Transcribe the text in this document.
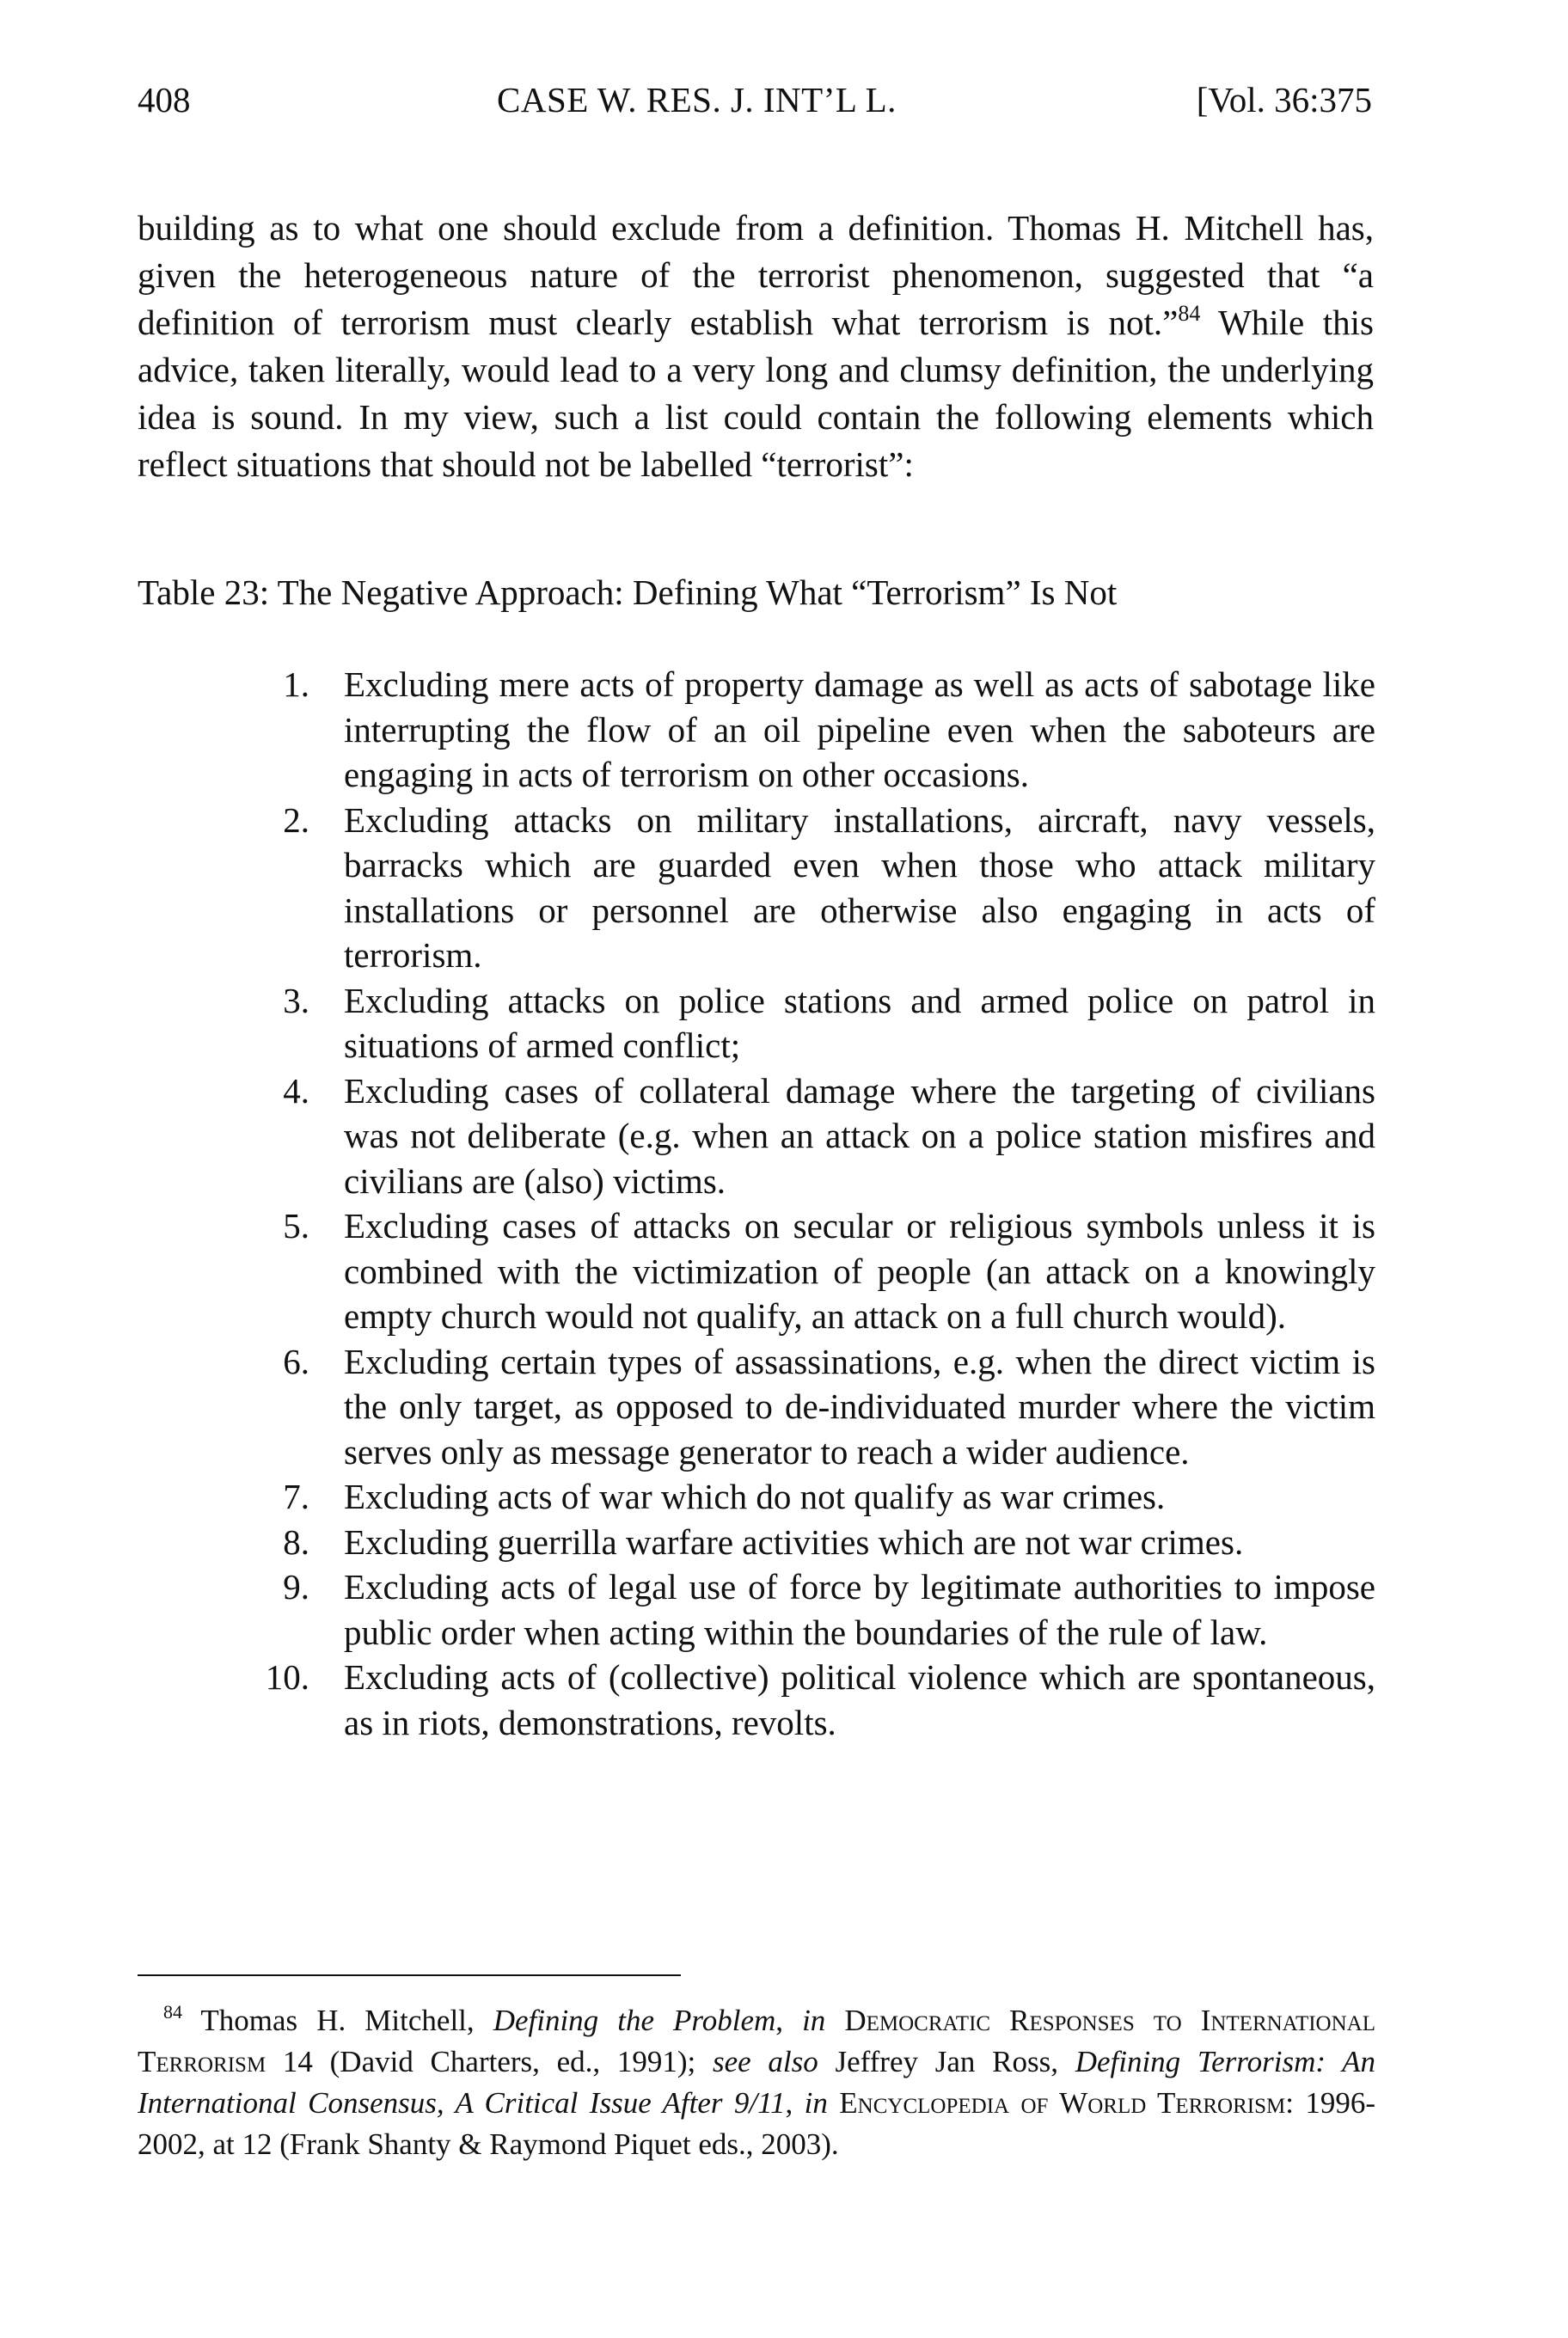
408	CASE W. RES. J. INT’L L.	[Vol. 36:375

building as to what one should exclude from a definition. Thomas H. Mitchell has, given the heterogeneous nature of the terrorist phenomenon, suggested that “a definition of terrorism must clearly establish what terrorism is not.”$^{84}$ While this advice, taken literally, would lead to a very long and clumsy definition, the underlying idea is sound. In my view, such a list could contain the following elements which reflect situations that should not be labelled “terrorist”:

Table 23: The Negative Approach: Defining What “Terrorism” Is Not

1. Excluding mere acts of property damage as well as acts of sabotage like interrupting the flow of an oil pipeline even when the saboteurs are engaging in acts of terrorism on other occasions.
2. Excluding attacks on military installations, aircraft, navy vessels, barracks which are guarded even when those who attack military installations or personnel are otherwise also engaging in acts of terrorism.
3. Excluding attacks on police stations and armed police on patrol in situations of armed conflict;
4. Excluding cases of collateral damage where the targeting of civilians was not deliberate (e.g. when an attack on a police station misfires and civilians are (also) victims.
5. Excluding cases of attacks on secular or religious symbols unless it is combined with the victimization of people (an attack on a knowingly empty church would not qualify, an attack on a full church would).
6. Excluding certain types of assassinations, e.g. when the direct victim is the only target, as opposed to de-individuated murder where the victim serves only as message generator to reach a wider audience.
7. Excluding acts of war which do not qualify as war crimes.
8. Excluding guerrilla warfare activities which are not war crimes.
9. Excluding acts of legal use of force by legitimate authorities to impose public order when acting within the boundaries of the rule of law.
10. Excluding acts of (collective) political violence which are spontaneous, as in riots, demonstrations, revolts.

$^{84}$ Thomas H. Mitchell, Defining the Problem, in Democratic Responses to International Terrorism 14 (David Charters, ed., 1991); see also Jeffrey Jan Ross, Defining Terrorism: An International Consensus, A Critical Issue After 9/11, in Encyclopedia of World Terrorism: 1996-2002, at 12 (Frank Shanty & Raymond Piquet eds., 2003).
